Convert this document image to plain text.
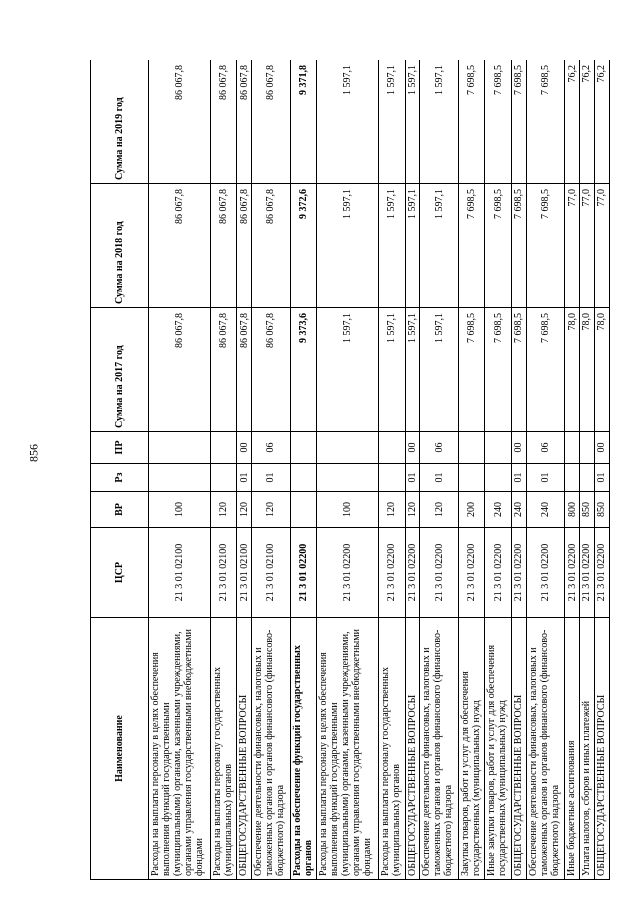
856
Наименование	ЦСР	ВР	Рз	ПР	Сумма на 2017 год	Сумма на 2018 год	Сумма на 2019 год
Расходы на выплаты персоналу в целях обеспечения выполнения функций государственными (муниципальными) органами, казенными учреждениями, органами управления государственными внебюджетными фондами	21 3 01 02100	100			86 067,8	86 067,8	86 067,8
Расходы на выплаты персоналу государственных (муниципальных) органов	21 3 01 02100	120			86 067,8	86 067,8	86 067,8
ОБЩЕГОСУДАРСТВЕННЫЕ ВОПРОСЫ	21 3 01 02100	120	01	00	86 067,8	86 067,8	86 067,8
Обеспечение деятельности финансовых, налоговых и таможенных органов и органов финансового (финансово-бюджетного) надзора	21 3 01 02100	120	01	06	86 067,8	86 067,8	86 067,8
Расходы на обеспечение функций государственных органов	21 3 01 02200				9 373,6	9 372,6	9 371,8
Расходы на выплаты персоналу в целях обеспечения выполнения функций государственными (муниципальными) органами, казенными учреждениями, органами управления государственными внебюджетными фондами	21 3 01 02200	100			1 597,1	1 597,1	1 597,1
Расходы на выплаты персоналу государственных (муниципальных) органов	21 3 01 02200	120			1 597,1	1 597,1	1 597,1
ОБЩЕГОСУДАРСТВЕННЫЕ ВОПРОСЫ	21 3 01 02200	120	01	00	1 597,1	1 597,1	1 597,1
Обеспечение деятельности финансовых, налоговых и таможенных органов и органов финансового (финансово-бюджетного) надзора	21 3 01 02200	120	01	06	1 597,1	1 597,1	1 597,1
Закупка товаров, работ и услуг для обеспечения государственных (муниципальных) нужд	21 3 01 02200	200			7 698,5	7 698,5	7 698,5
Иные закупки товаров, работ и услуг для обеспечения государственных (муниципальных) нужд	21 3 01 02200	240			7 698,5	7 698,5	7 698,5
ОБЩЕГОСУДАРСТВЕННЫЕ ВОПРОСЫ	21 3 01 02200	240	01	00	7 698,5	7 698,5	7 698,5
Обеспечение деятельности финансовых, налоговых и таможенных органов и органов финансового (финансово-бюджетного) надзора	21 3 01 02200	240	01	06	7 698,5	7 698,5	7 698,5
Иные бюджетные ассигнования	21 3 01 02200	800			78,0	77,0	76,2
Уплата налогов, сборов и иных платежей	21 3 01 02200	850			78,0	77,0	76,2
ОБЩЕГОСУДАРСТВЕННЫЕ ВОПРОСЫ	21 3 01 02200	850	01	00	78,0	77,0	76,2
